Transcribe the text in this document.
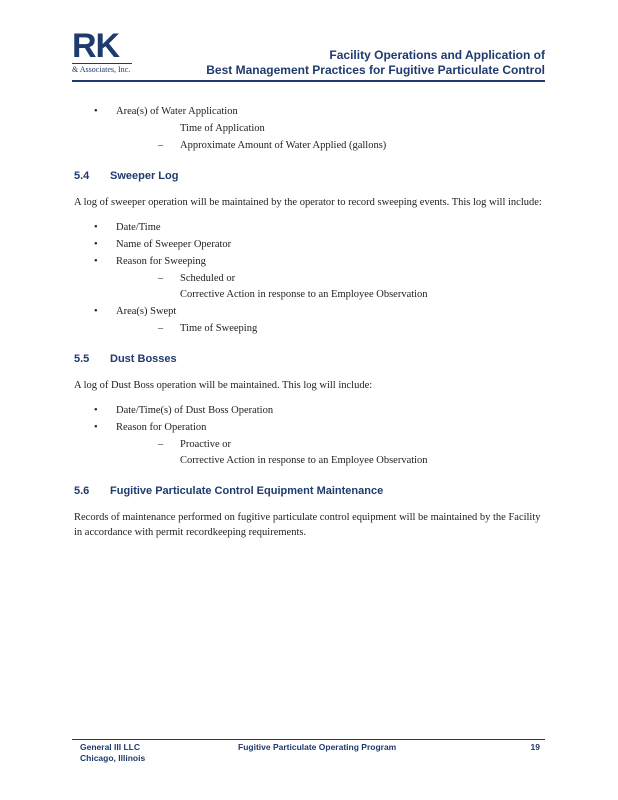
RK
& Associates, Inc.
Facility Operations and Application of
Best Management Practices for Fugitive Particulate Control
• Area(s) of Water Application
Time of Application
– Approximate Amount of Water Applied (gallons)
5.4 Sweeper Log

A log of sweeper operation will be maintained by the operator to record sweeping events. This log will include:

• Date/Time
• Name of Sweeper Operator
• Reason for Sweeping
– Scheduled or
Corrective Action in response to an Employee Observation
• Area(s) Swept
– Time of Sweeping
5.5 Dust Bosses

A log of Dust Boss operation will be maintained. This log will include:

• Date/Time(s) of Dust Boss Operation
• Reason for Operation
– Proactive or
Corrective Action in response to an Employee Observation
5.6 Fugitive Particulate Control Equipment Maintenance

Records of maintenance performed on fugitive particulate control equipment will be maintained by the Facility in accordance with permit recordkeeping requirements.

General III LLC
Chicago, Illinois
Fugitive Particulate Operating Program	19
